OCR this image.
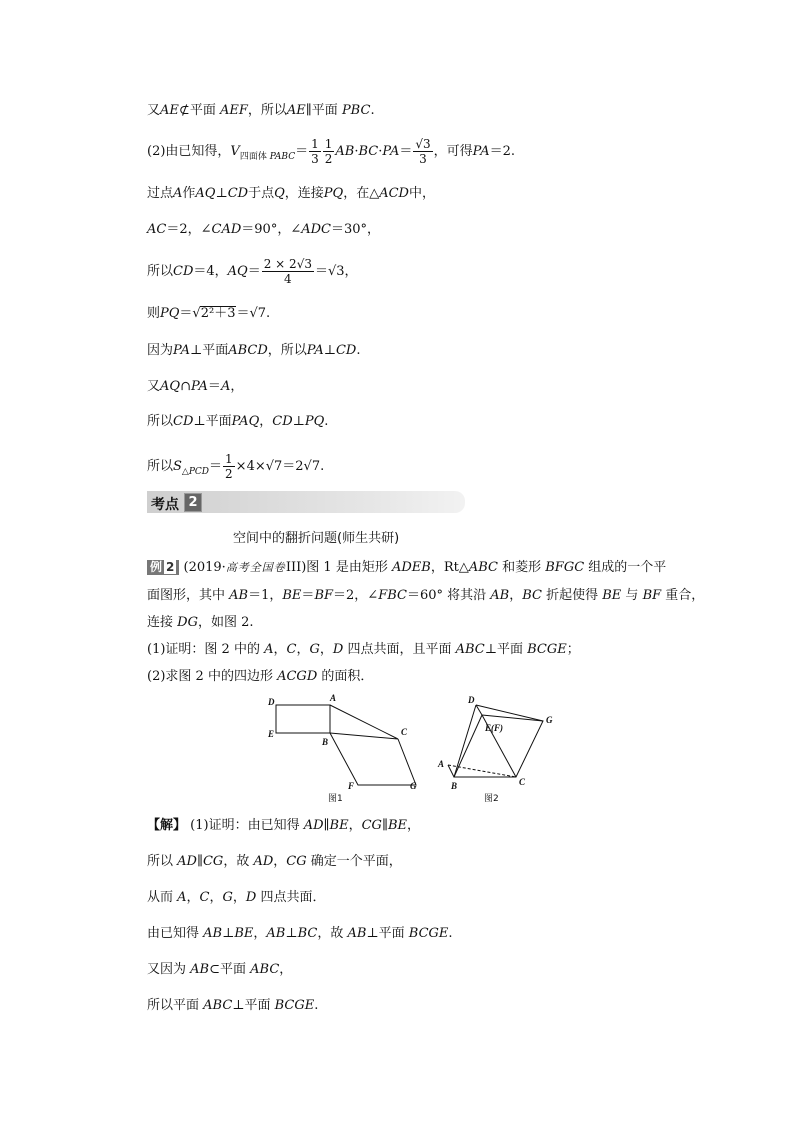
又AE⊄平面 AEF，所以AE∥平面 PBC.
(2)由已知得，$V_{四面体 PABC}= \frac{1}{3} \frac{1}{2} AB\cdot BC\cdot PA= \frac{√3}{3}$ ，可得PA＝2.
过点A作AQ⊥CD于点Q，连接PQ，在△ACD中，
AC＝2，∠CAD＝90°，∠ADC＝30°，
所以CD＝4，$AQ= \frac{2 \times 2√3}{4} =√3$，
则PQ＝√2²＋3＝√7.
因为PA⊥平面ABCD，所以PA⊥CD.
又AQ∩PA＝A，
所以CD⊥平面PAQ，CD⊥PQ.
所以$S_{\triangle PCD}= \frac{1}{2} \times 4\times√7=2√7$.
考点 2
空间中的翻折问题(师生共研)
例 2 (2019·高考全国卷III)图 1 是由矩形 ADEB，Rt△ABC 和菱形 BFGC 组成的一个平
面图形，其中 AB＝1，BE＝BF＝2，∠FBC＝60° 将其沿 AB，BC 折起使得 BE 与 BF 重合，
连接 DG，如图 2.
(1)证明：图 2 中的 A，C，G，D 四点共面，且平面 ABC⊥平面 BCGE；
(2)求图 2 中的四边形 ACGD 的面积．
D	A
E
B
C
F	G
图1
D
G
E(F)
C
A
B
图2
【解】 (1)证明：由已知得 AD∥BE，CG∥BE，
所以 AD∥CG，故 AD，CG 确定一个平面，
从而 A，C，G，D 四点共面．
由已知得 AB⊥BE，AB⊥BC，故 AB⊥平面 BCGE.
又因为 AB⊂平面 ABC，
所以平面 ABC⊥平面 BCGE.
